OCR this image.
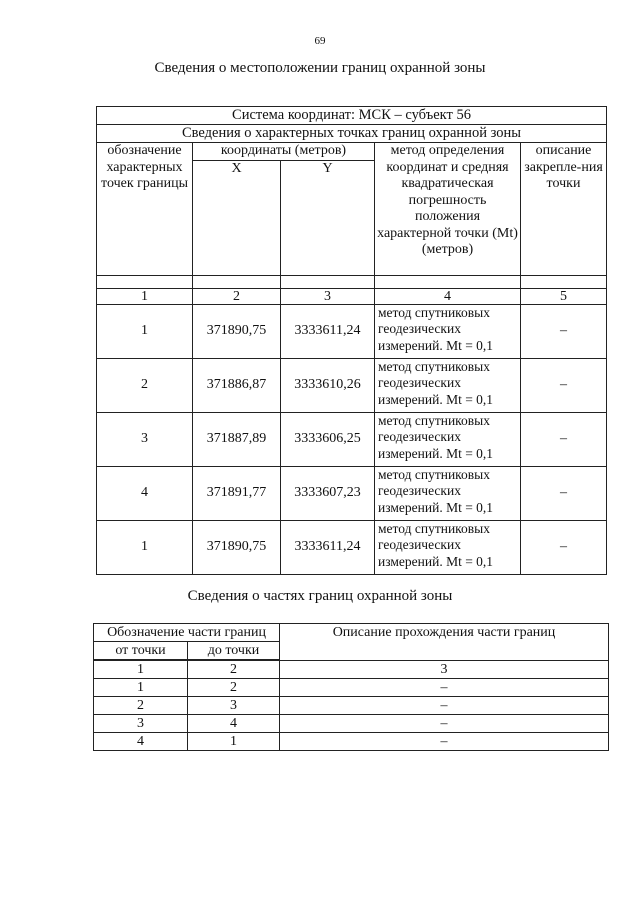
69
Сведения о местоположении границ охранной зоны
Система координат: МСК – субъект 56				
Сведения о характерных точках границ охранной зоны				
обозначение характерных точек границы	координаты (метров)		метод определения координат и средняя квадратическая погрешность положения характерной точки (Mt) (метров)	описание закрепле-ния точки
	X	Y		

1	2	3	4	5
1	371890,75	3333611,24	метод спутниковых геодезических измерений. Mt = 0,1	–
2	371886,87	3333610,26	метод спутниковых геодезических измерений. Mt = 0,1	–
3	371887,89	3333606,25	метод спутниковых геодезических измерений. Mt = 0,1	–
4	371891,77	3333607,23	метод спутниковых геодезических измерений. Mt = 0,1	–
1	371890,75	3333611,24	метод спутниковых геодезических измерений. Mt = 0,1	–
Сведения о частях границ охранной зоны
Обозначение части границ		Описание прохождения части границ
от точки	до точки	
1	2	3
1	2	–
2	3	–
3	4	–
4	1	–
